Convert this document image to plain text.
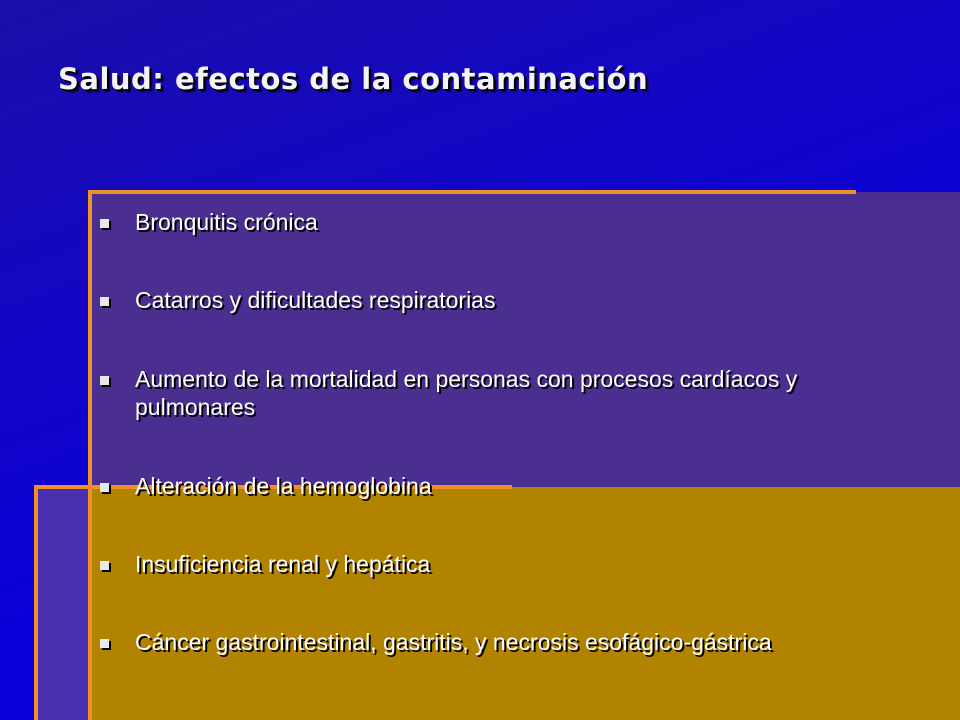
Salud: efectos de la contaminación
Bronquitis crónica
Catarros y dificultades respiratorias
Aumento de la mortalidad en personas con procesos cardíacos y pulmonares
Alteración de la hemoglobina
Insuficiencia renal y hepática
Cáncer gastrointestinal, gastritis, y necrosis esofágico-gástrica
